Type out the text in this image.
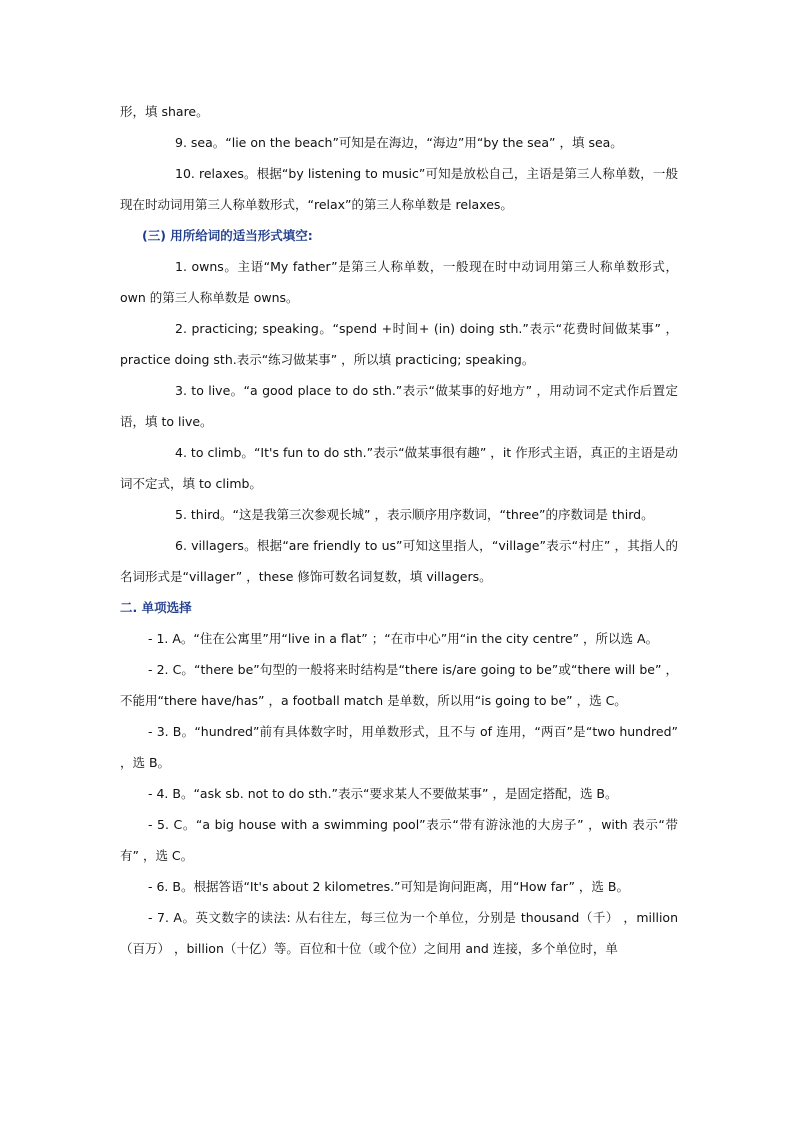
形，填 share。

9. sea。“lie on the beach”可知是在海边，“海边”用“by the sea” ，填 sea。

10. relaxes。根据“by listening to music”可知是放松自己，主语是第三人称单数，一般现在时动词用第三人称单数形式，“relax”的第三人称单数是 relaxes。

(三) 用所给词的适当形式填空:

1. owns。主语“My father”是第三人称单数，一般现在时中动词用第三人称单数形式，own 的第三人称单数是 owns。

2. practicing; speaking。“spend +时间+ (in) doing sth.”表示“花费时间做某事” ，practice doing sth.表示“练习做某事” ，所以填 practicing; speaking。

3. to live。“a good place to do sth.”表示“做某事的好地方” ，用动词不定式作后置定语，填 to live。

4. to climb。“It's fun to do sth.”表示“做某事很有趣” ，it 作形式主语，真正的主语是动词不定式，填 to climb。

5. third。“这是我第三次参观长城” ，表示顺序用序数词，“three”的序数词是 third。

6. villagers。根据“are friendly to us”可知这里指人，“village”表示“村庄” ，其指人的名词形式是“villager” ，these 修饰可数名词复数，填 villagers。

二. 单项选择

- 1. A。“住在公寓里”用“live in a flat” ；“在市中心”用“in the city centre” ，所以选 A。

- 2. C。“there be”句型的一般将来时结构是“there is/are going to be”或“there will be” ，不能用“there have/has” ，a football match 是单数，所以用“is going to be” ，选 C。

- 3. B。“hundred”前有具体数字时，用单数形式，且不与 of 连用，“两百”是“two hundred” ，选 B。

- 4. B。“ask sb. not to do sth.”表示“要求某人不要做某事” ，是固定搭配，选 B。

- 5. C。“a big house with a swimming pool”表示“带有游泳池的大房子” ，with 表示“带有” ，选 C。

- 6. B。根据答语“It's about 2 kilometres.”可知是询问距离，用“How far” ，选 B。

- 7. A。英文数字的读法: 从右往左，每三位为一个单位，分别是 thousand（千） ，million（百万） ，billion（十亿）等。百位和十位（或个位）之间用 and 连接，多个单位时，单
